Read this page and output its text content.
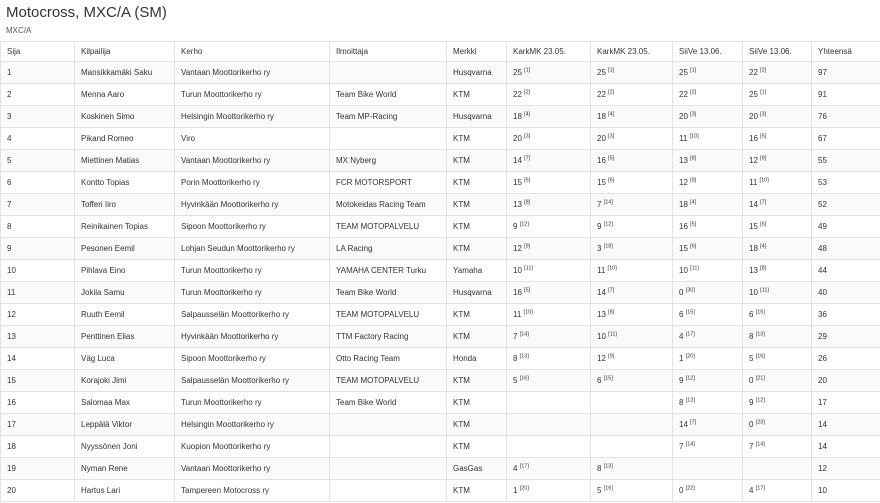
Motocross, MXC/A (SM)
MXC/A
Sija	Kilpailija	Kerho	Ilmoittaja	Merkki	KarkMK 23.05.	KarkMK 23.05.	SiiVe 13.06.	SiiVe 13.06.	Yhteensä
1	Mansikkamäki Saku	Vantaan Moottorikerho ry		Husqvarna	25 [1]	25 [1]	25 [1]	22 [2]	97
2	Menna Aaro	Turun Moottorikerho ry	Team Bike World	KTM	22 [2]	22 [2]	22 [2]	25 [1]	91
3	Koskinen Simo	Helsingin Moottorikerho ry	Team MP-Racing	Husqvarna	18 [4]	18 [4]	20 [3]	20 [3]	76
4	Pikand Romeo	Viro		KTM	20 [3]	20 [3]	11 [10]	16 [5]	67
5	Miettinen Matias	Vantaan Moottorikerho ry	MX Nyberg	KTM	14 [7]	16 [5]	13 [8]	12 [9]	55
6	Kontto Topias	Porin Moottorikerho ry	FCR MOTORSPORT	KTM	15 [6]	15 [6]	12 [9]	11 [10]	53
7	Tofferi Iiro	Hyvinkään Moottorikerho ry	Motokeidas Racing Team	KTM	13 [8]	7 [14]	18 [4]	14 [7]	52
8	Reinikainen Topias	Sipoon Moottorikerho ry	TEAM MOTOPALVELU	KTM	9 [12]	9 [12]	16 [5]	15 [6]	49
9	Pesonen Eemil	Lohjan Seudun Moottorikerho ry	LA Racing	KTM	12 [9]	3 [18]	15 [6]	18 [4]	48
10	Pihlava Eino	Turun Moottorikerho ry	YAMAHA CENTER Turku	Yamaha	10 [11]	11 [10]	10 [11]	13 [8]	44
11	Jokila Samu	Turun Moottorikerho ry	Team Bike World	Husqvarna	16 [5]	14 [7]	0 [30]	10 [11]	40
12	Ruuth Eemil	Salpausselän Moottorikerho ry	TEAM MOTOPALVELU	KTM	11 [10]	13 [8]	6 [15]	6 [15]	36
13	Penttinen Elias	Hyvinkään Moottorikerho ry	TTM Factory Racing	KTM	7 [14]	10 [11]	4 [17]	8 [13]	29
14	Väg Luca	Sipoon Moottorikerho ry	Otto Racing Team	Honda	8 [13]	12 [9]	1 [20]	5 [16]	26
15	Korajoki Jimi	Salpausselän Moottorikerho ry	TEAM MOTOPALVELU	KTM	5 [16]	6 [15]	9 [12]	0 [21]	20
16	Salomaa Max	Turun Moottorikerho ry	Team Bike World	KTM			8 [13]	9 [12]	17
17	Leppälä Viktor	Helsingin Moottorikerho ry		KTM			14 [7]	0 [23]	14
18	Nyyssönen Joni	Kuopion Moottorikerho ry		KTM			7 [14]	7 [14]	14
19	Nyman Rene	Vantaan Moottorikerho ry		GasGas	4 [17]	8 [13]			12
20	Hartus Lari	Tampereen Motocross ry		KTM	1 [20]	5 [16]	0 [22]	4 [17]	10
